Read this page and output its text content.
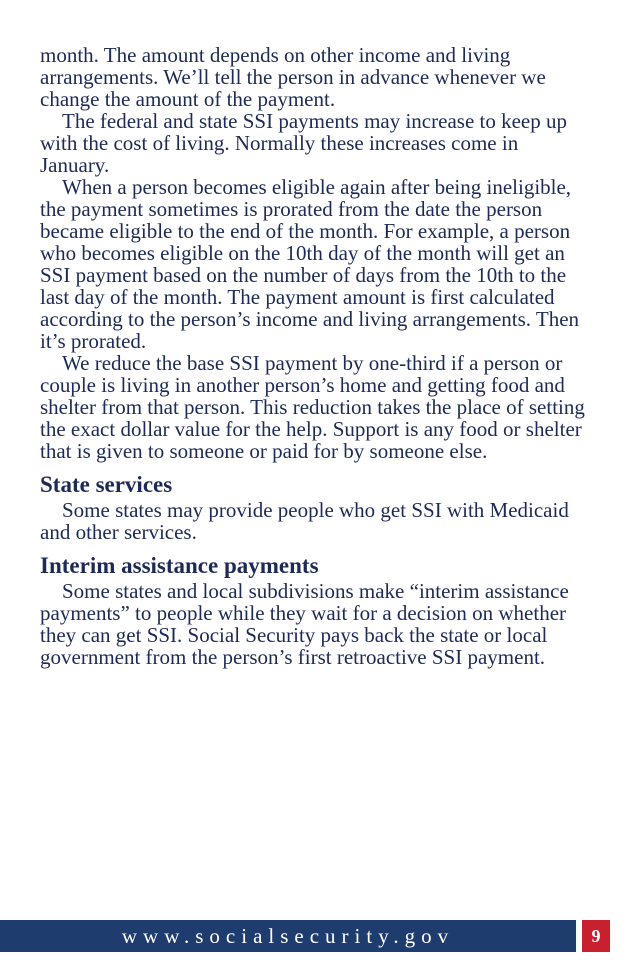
month. The amount depends on other income and living arrangements. We’ll tell the person in advance whenever we change the amount of the payment.

The federal and state SSI payments may increase to keep up with the cost of living. Normally these increases come in January.

When a person becomes eligible again after being ineligible, the payment sometimes is prorated from the date the person became eligible to the end of the month. For example, a person who becomes eligible on the 10th day of the month will get an SSI payment based on the number of days from the 10th to the last day of the month. The payment amount is first calculated according to the person’s income and living arrangements. Then it’s prorated.

We reduce the base SSI payment by one-third if a person or couple is living in another person’s home and getting food and shelter from that person. This reduction takes the place of setting the exact dollar value for the help. Support is any food or shelter that is given to someone or paid for by someone else.

State services

Some states may provide people who get SSI with Medicaid and other services.

Interim assistance payments

Some states and local subdivisions make “interim assistance payments” to people while they wait for a decision on whether they can get SSI. Social Security pays back the state or local government from the person’s first retroactive SSI payment.

www.socialsecurity.gov	9
